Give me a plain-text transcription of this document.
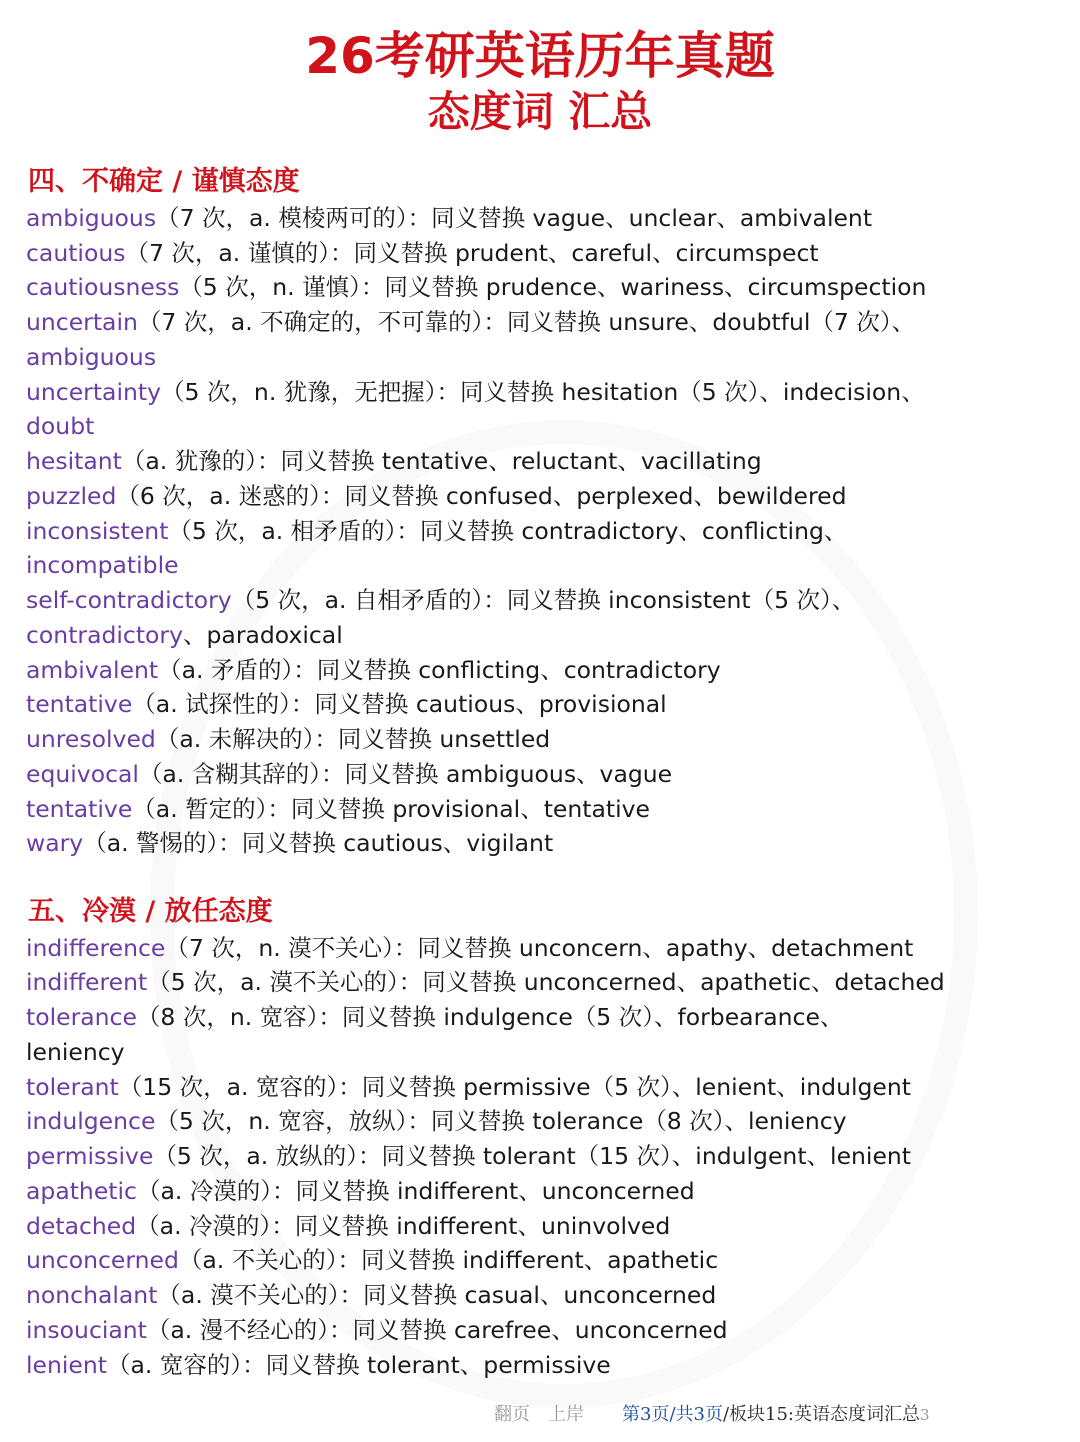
26考研英语历年真题
态度词 汇总
四、不确定 / 谨慎态度
ambiguous（7 次，a. 模棱两可的）：同义替换 vague、unclear、ambivalent
cautious（7 次，a. 谨慎的）：同义替换 prudent、careful、circumspect
cautiousness（5 次，n. 谨慎）：同义替换 prudence、wariness、circumspection
uncertain（7 次，a. 不确定的，不可靠的）：同义替换 unsure、doubtful（7 次）、
ambiguous
uncertainty（5 次，n. 犹豫，无把握）：同义替换 hesitation（5 次）、indecision、
doubt
hesitant（a. 犹豫的）：同义替换 tentative、reluctant、vacillating
puzzled（6 次，a. 迷惑的）：同义替换 confused、perplexed、bewildered
inconsistent（5 次，a. 相矛盾的）：同义替换 contradictory、conflicting、
incompatible
self-contradictory（5 次，a. 自相矛盾的）：同义替换 inconsistent（5 次）、
contradictory、paradoxical
ambivalent（a. 矛盾的）：同义替换 conflicting、contradictory
tentative（a. 试探性的）：同义替换 cautious、provisional
unresolved（a. 未解决的）：同义替换 unsettled
equivocal（a. 含糊其辞的）：同义替换 ambiguous、vague
tentative（a. 暂定的）：同义替换 provisional、tentative
wary（a. 警惕的）：同义替换 cautious、vigilant
五、冷漠 / 放任态度
indifference（7 次，n. 漠不关心）：同义替换 unconcern、apathy、detachment
indifferent（5 次，a. 漠不关心的）：同义替换 unconcerned、apathetic、detached
tolerance（8 次，n. 宽容）：同义替换 indulgence（5 次）、forbearance、
leniency
tolerant（15 次，a. 宽容的）：同义替换 permissive（5 次）、lenient、indulgent
indulgence（5 次，n. 宽容，放纵）：同义替换 tolerance（8 次）、leniency
permissive（5 次，a. 放纵的）：同义替换 tolerant（15 次）、indulgent、lenient
apathetic（a. 冷漠的）：同义替换 indifferent、unconcerned
detached（a. 冷漠的）：同义替换 indifferent、uninvolved
unconcerned（a. 不关心的）：同义替换 indifferent、apathetic
nonchalant（a. 漠不关心的）：同义替换 casual、unconcerned
insouciant（a. 漫不经心的）：同义替换 carefree、unconcerned
lenient（a. 宽容的）：同义替换 tolerant、permissive
翻页 上岸 第3页/共3页/板块15:英语态度词汇总3
